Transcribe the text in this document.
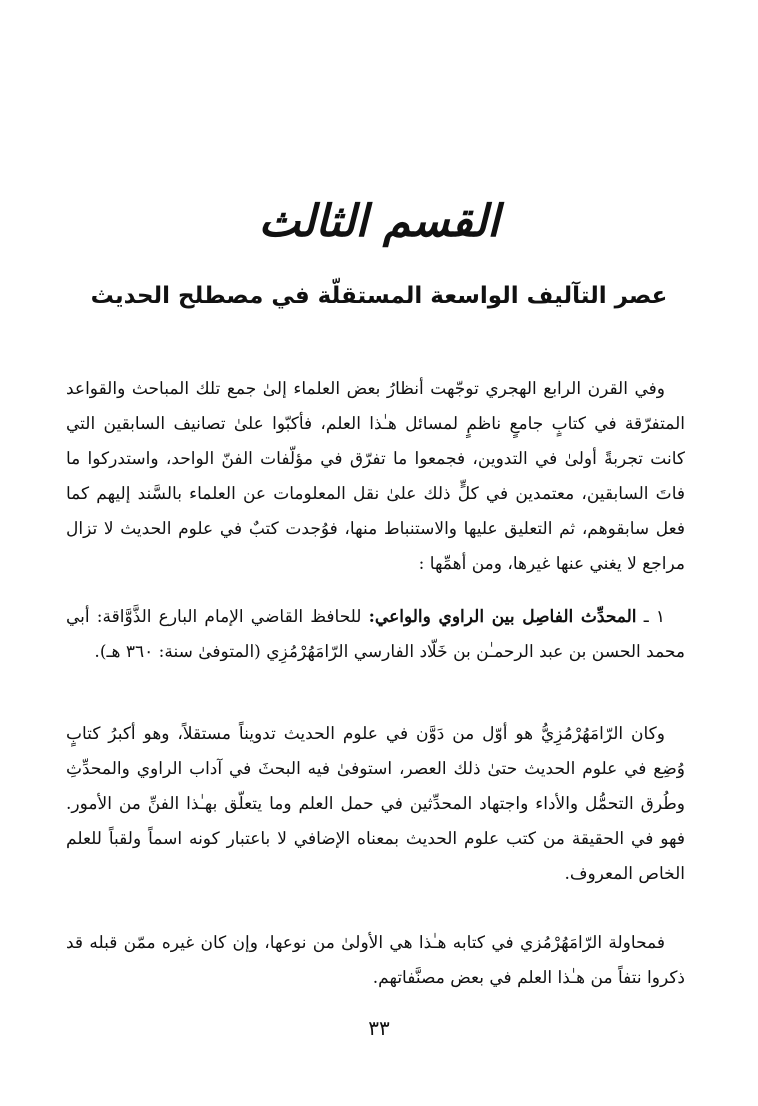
القسم الثالث
عصر التآليف الواسعة المستقلّة في مصطلح الحديث
وفي القرن الرابع الهجري توجّهت أنظارُ بعض العلماء إلىٰ جمع تلك المباحث والقواعد المتفرّقة في كتابٍ جامعٍ ناظمٍ لمسائل هـٰذا العلم، فأكبّوا علىٰ تصانيف السابقين التي كانت تجربةً أولىٰ في التدوين، فجمعوا ما تفرّق في مؤلّفات الفنّ الواحد، واستدركوا ما فاتَ السابقين، معتمدين في كلٍّ ذلك علىٰ نقل المعلومات عن العلماء بالسَّند إليهم كما فعل سابقوهم، ثم التعليق عليها والاستنباط منها، فوُجدت كتبٌ في علوم الحديث لا تزال مراجع لا يغني عنها غيرها، ومن أهمِّها :
١ ـ المحدِّث الفاصِل بين الراوي والواعي: للحافظ القاضي الإمام البارع الذَّوَّاقة: أبي محمد الحسن بن عبد الرحمـٰن بن خَلّاد الفارسي الرّامَهُرْمُزِي (المتوفىٰ سنة: ٣٦٠ هـ).
وكان الرّامَهُرْمُزِيُّ هو أوّل من دَوَّن في علوم الحديث تدويناً مستقلاً، وهو أكبرُ كتابٍ وُضِع في علوم الحديث حتىٰ ذلك العصر، استوفىٰ فيه البحثَ في آداب الراوي والمحدِّثِ وطُرق التحمُّل والأداء واجتهاد المحدِّثين في حمل العلم وما يتعلّق بهـٰذا الفنِّ من الأمور. فهو في الحقيقة من كتب علوم الحديث بمعناه الإضافي لا باعتبار كونه اسماً ولقباً للعلم الخاص المعروف.
فمحاولة الرّامَهُرْمُزي في كتابه هـٰذا هي الأولىٰ من نوعها، وإن كان غيره ممّن قبله قد ذكروا نتفاً من هـٰذا العلم في بعض مصنَّفاتهم.
٣٣
